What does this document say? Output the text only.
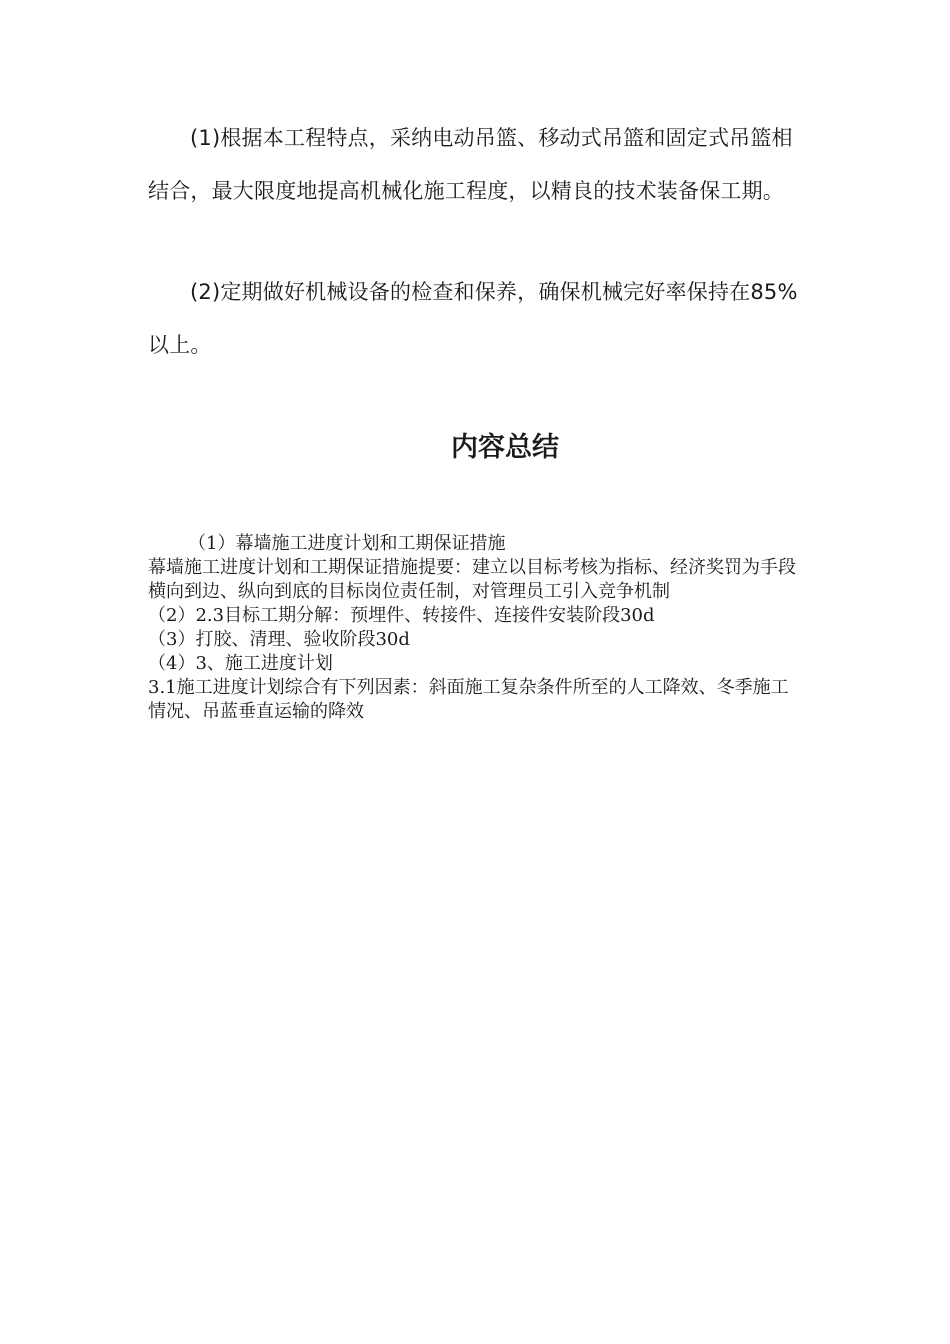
(1)根据本工程特点，采纳电动吊篮、移动式吊篮和固定式吊篮相结合，最大限度地提高机械化施工程度，以精良的技术装备保工期。

(2)定期做好机械设备的检查和保养，确保机械完好率保持在85%以上。

内容总结

（1）幕墙施工进度计划和工期保证措施

幕墙施工进度计划和工期保证措施提要：建立以目标考核为指标、经济奖罚为手段横向到边、纵向到底的目标岗位责任制，对管理员工引入竞争机制

（2）2.3目标工期分解：预埋件、转接件、连接件安装阶段30d

（3）打胶、清理、验收阶段30d

（4）3、施工进度计划

3.1施工进度计划综合有下列因素：斜面施工复杂条件所至的人工降效、冬季施工情况、吊蓝垂直运输的降效
